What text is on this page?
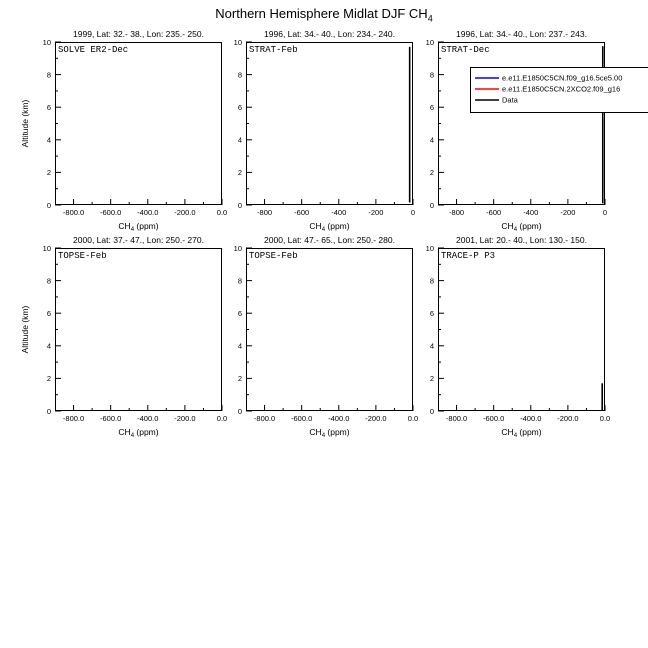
Northern Hemisphere Midlat DJF $CH_4$
1999, Lat: 32.- 38., Lon: 235.- 250.
-800.0 -600.0 -400.0 -200.0	0.0
0
2
4
6
8
10
$CH_4$ (ppm)
Altitude (km)
SOLVE ER2-Dec
1996, Lat: 34.- 40., Lon: 234.- 240.
-800	-600	-400	-200	0
0
2
4
6
8
10
$CH_4$ (ppm)
STRAT-Feb
1996, Lat: 34.- 40., Lon: 237.- 243.
-800	-600	-400	-200	0
0
2
4
6
8
10
$CH_4$ (ppm)
STRAT-Dec
2000, Lat: 37.- 47., Lon: 250.- 270.
-800.0 -600.0 -400.0 -200.0	0.0
0
2
4
6
8
10
$CH_4$ (ppm)
Altitude (km)
TOPSE-Feb
2000, Lat: 47.- 65., Lon: 250.- 280.
-800.0 -600.0 -400.0 -200.0	0.0
0
2
4
6
8
10
$CH_4$ (ppm)
TOPSE-Feb
2001, Lat: 20.- 40., Lon: 130.- 150.
-800.0 -600.0 -400.0 -200.0	0.0
0
2
4
6
8
10
$CH_4$ (ppm)
TRACE-P P3
e.e11.E1850C5CN.f09_g16.5ce5.00
e.e11.E1850C5CN.2XCO2.f09_g16
Data
